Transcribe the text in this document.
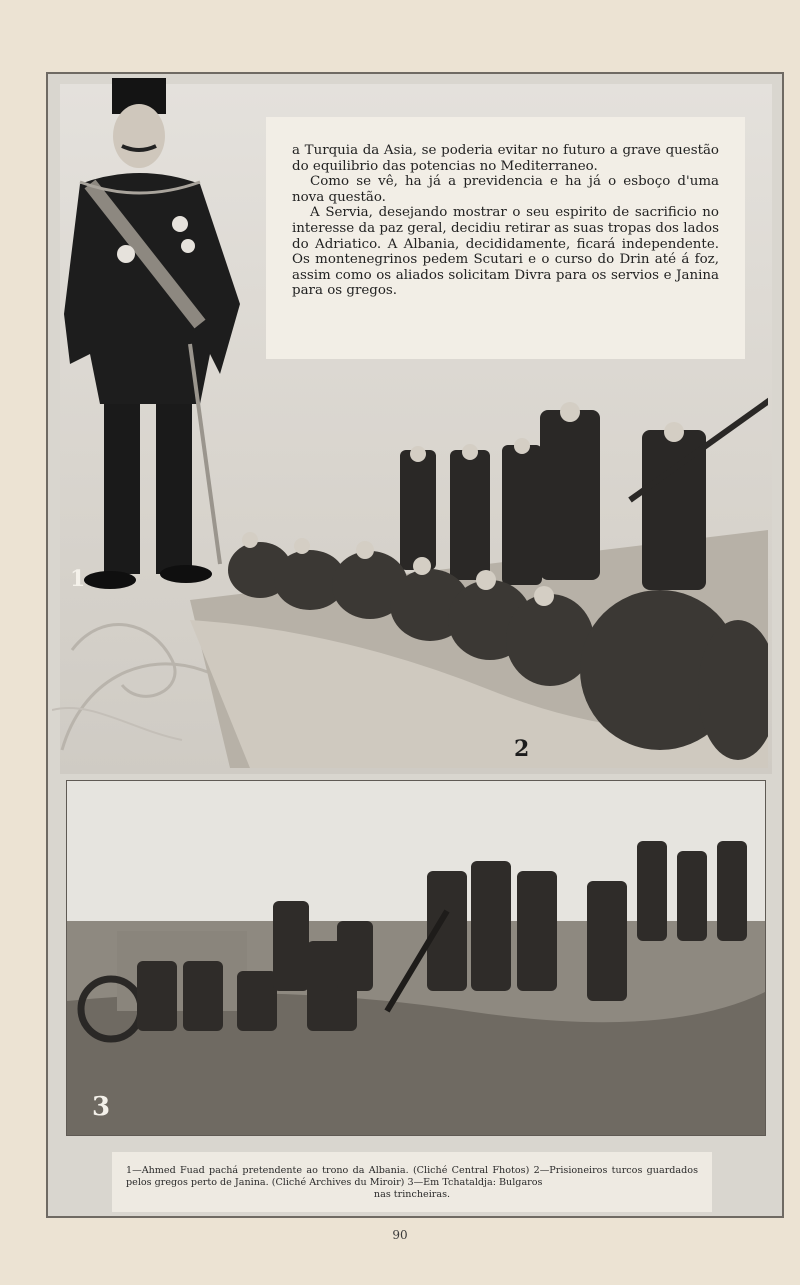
a Turquia da Asia, se poderia evitar no futuro a grave questão do equilibrio das potencias no Mediterraneo.

Como se vê, ha já a previdencia e ha já o esboço d'uma nova questão.

A Servia, desejando mostrar o seu espirito de sacrificio no interesse da paz geral, decidiu retirar as suas tropas dos lados do Adriatico. A Albania, decididamente, ficará independente. Os montenegrinos pedem Scutari e o curso do Drin até á foz, assim como os aliados solicitam Divra para os servios e Janina para os gregos.

1
2
3
1—Ahmed Fuad pachá pretendente ao trono da Albania. (Cliché Central Fhotos) 2—Prisioneiros turcos guardados pelos gregos perto de Janina. (Cliché Archives du Miroir) 3—Em Tchataldja: Bulgaros
nas trincheiras.
90
